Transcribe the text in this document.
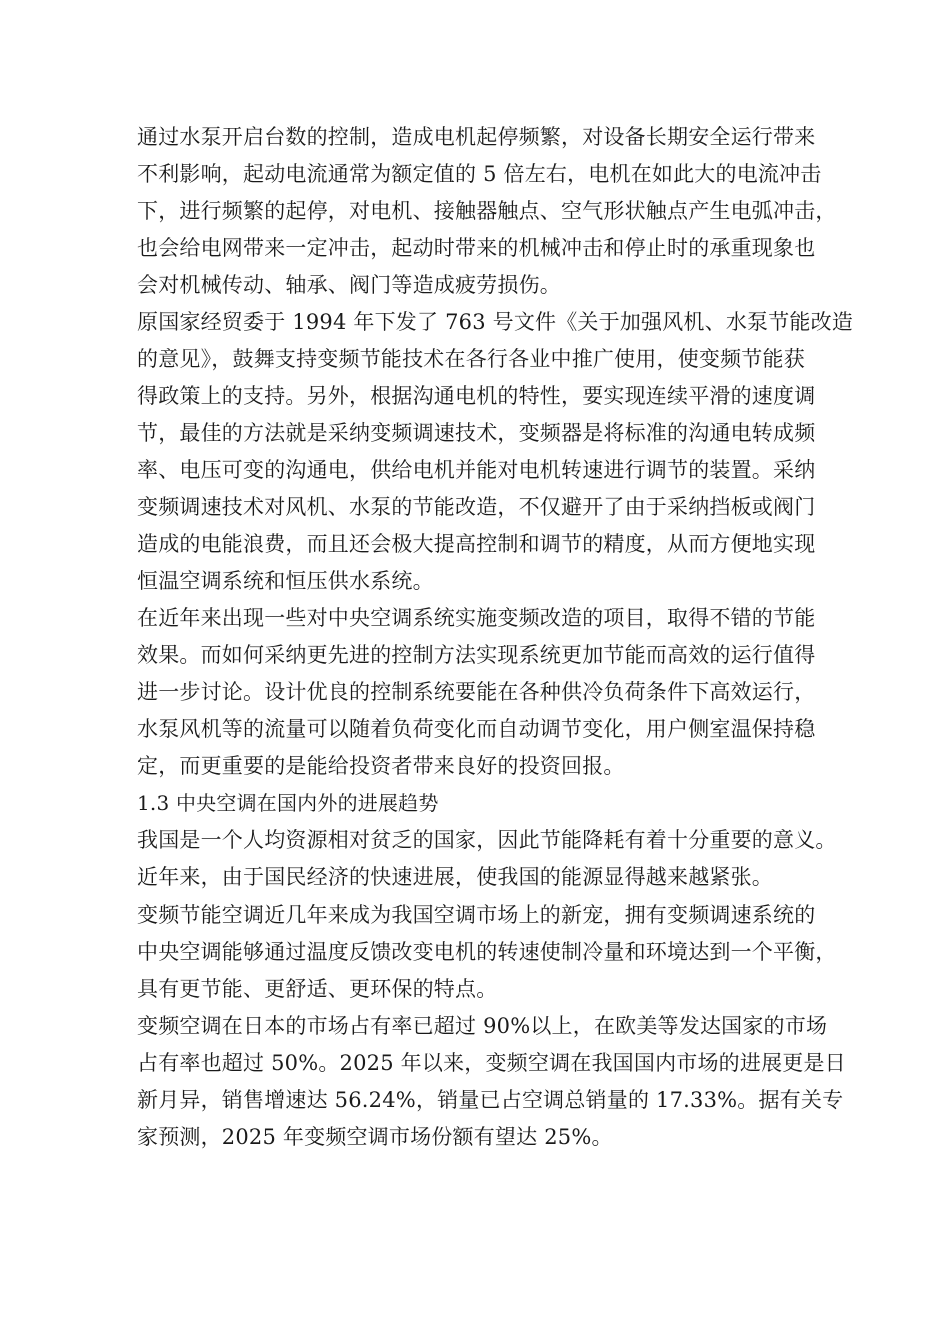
通过水泵开启台数的控制，造成电机起停频繁，对设备长期安全运行带来
不利影响，起动电流通常为额定值的 5 倍左右，电机在如此大的电流冲击
下，进行频繁的起停，对电机、接触器触点、空气形状触点产生电弧冲击，
也会给电网带来一定冲击，起动时带来的机械冲击和停止时的承重现象也
会对机械传动、轴承、阀门等造成疲劳损伤。
原国家经贸委于 1994 年下发了 763 号文件《关于加强风机、水泵节能改造
的意见》，鼓舞支持变频节能技术在各行各业中推广使用，使变频节能获
得政策上的支持。另外，根据沟通电机的特性，要实现连续平滑的速度调
节，最佳的方法就是采纳变频调速技术，变频器是将标准的沟通电转成频
率、电压可变的沟通电，供给电机并能对电机转速进行调节的装置。采纳
变频调速技术对风机、水泵的节能改造，不仅避开了由于采纳挡板或阀门
造成的电能浪费，而且还会极大提高控制和调节的精度，从而方便地实现
恒温空调系统和恒压供水系统。
在近年来出现一些对中央空调系统实施变频改造的项目，取得不错的节能
效果。而如何采纳更先进的控制方法实现系统更加节能而高效的运行值得
进一步讨论。设计优良的控制系统要能在各种供冷负荷条件下高效运行，
水泵风机等的流量可以随着负荷变化而自动调节变化，用户侧室温保持稳
定，而更重要的是能给投资者带来良好的投资回报。
1.3 中央空调在国内外的进展趋势
我国是一个人均资源相对贫乏的国家，因此节能降耗有着十分重要的意义。
近年来，由于国民经济的快速进展，使我国的能源显得越来越紧张。
变频节能空调近几年来成为我国空调市场上的新宠，拥有变频调速系统的
中央空调能够通过温度反馈改变电机的转速使制冷量和环境达到一个平衡，
具有更节能、更舒适、更环保的特点。
变频空调在日本的市场占有率已超过 90%以上，在欧美等发达国家的市场
占有率也超过 50%。2025 年以来，变频空调在我国国内市场的进展更是日
新月异，销售增速达 56.24%，销量已占空调总销量的 17.33%。据有关专
家预测，2025 年变频空调市场份额有望达 25%。
